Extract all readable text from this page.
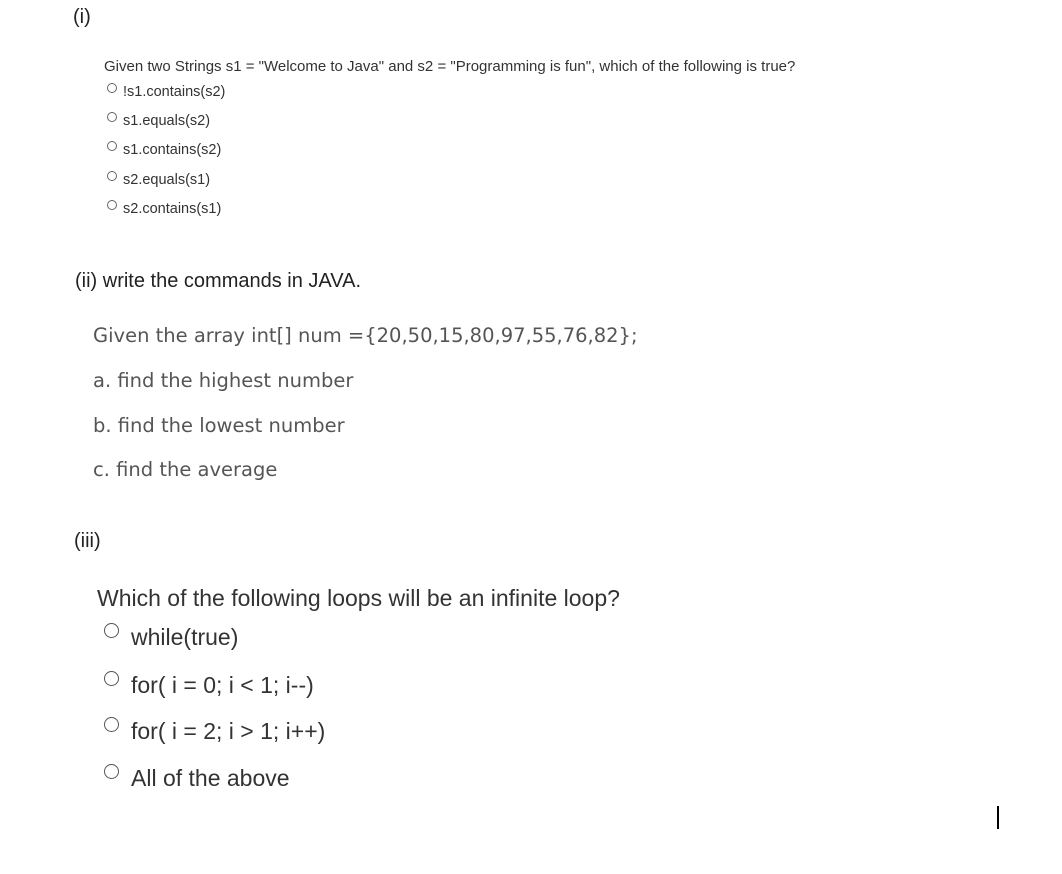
(i)
Given two Strings s1 = "Welcome to Java" and s2 = "Programming is fun", which of the following is true?
!s1.contains(s2)
s1.equals(s2)
s1.contains(s2)
s2.equals(s1)
s2.contains(s1)
(ii) write the commands in JAVA.
Given the array int[] num ={20,50,15,80,97,55,76,82};
a. find the highest number
b. find the lowest number
c. find the average
(iii)
Which of the following loops will be an infinite loop?
while(true)
for( i = 0; i < 1; i--)
for( i = 2; i > 1; i++)
All of the above
